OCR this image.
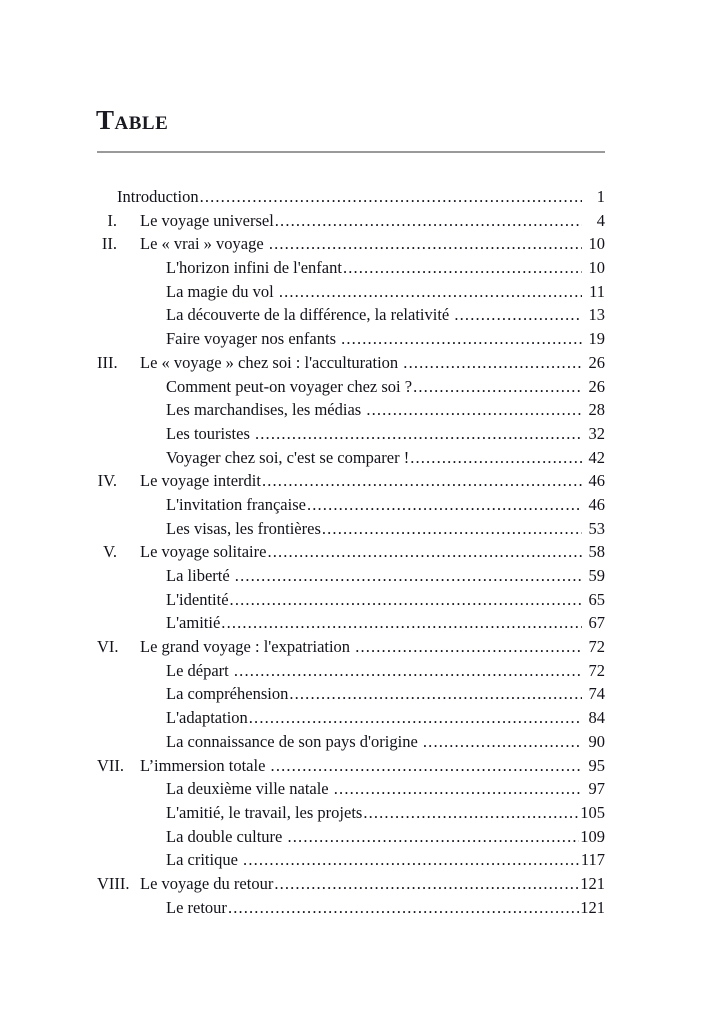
Table
Introduction .....	1
I. Le voyage universel .....	4
II. Le « vrai » voyage .....	10
L'horizon infini de l'enfant .....	10
La magie du vol .....	11
La découverte de la différence, la relativité .....	13
Faire voyager nos enfants .....	19
III. Le « voyage » chez soi : l'acculturation .....	26
Comment peut-on voyager chez soi ? .....	26
Les marchandises, les médias .....	28
Les touristes .....	32
Voyager chez soi, c'est se comparer ! .....	42
IV. Le voyage interdit .....	46
L'invitation française .....	46
Les visas, les frontières .....	53
V. Le voyage solitaire .....	58
La liberté .....	59
L'identité .....	65
L'amitié .....	67
VI. Le grand voyage : l'expatriation .....	72
Le départ .....	72
La compréhension .....	74
L'adaptation .....	84
La connaissance de son pays d'origine .....	90
VII. L’immersion totale .....	95
La deuxième ville natale .....	97
L'amitié, le travail, les projets .....	105
La double culture .....	109
La critique .....	117
VIII. Le voyage du retour .....	121
Le retour .....	121
